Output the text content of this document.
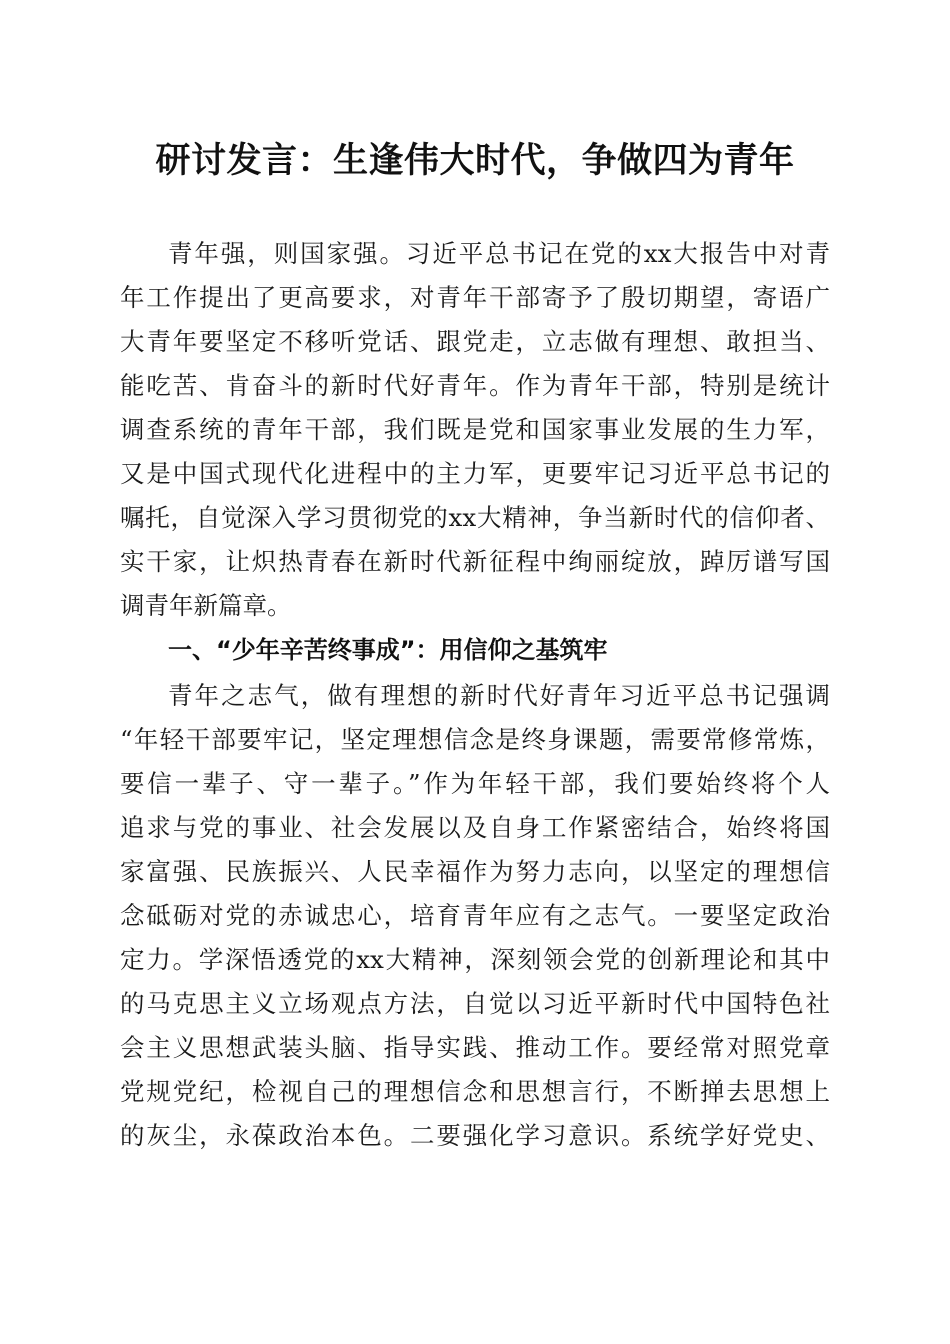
研讨发言：生逢伟大时代，争做四为青年
青年强，则国家强。习近平总书记在党的xx大报告中对青
年工作提出了更高要求，对青年干部寄予了殷切期望，寄语广
大青年要坚定不移听党话、跟党走，立志做有理想、敢担当、
能吃苦、肯奋斗的新时代好青年。作为青年干部，特别是统计
调查系统的青年干部，我们既是党和国家事业发展的生力军，
又是中国式现代化进程中的主力军，更要牢记习近平总书记的
嘱托，自觉深入学习贯彻党的xx大精神，争当新时代的信仰者、
实干家，让炽热青春在新时代新征程中绚丽绽放，踔厉谱写国
调青年新篇章。
一、“少年辛苦终事成”：用信仰之基筑牢
青年之志气，做有理想的新时代好青年习近平总书记强调
“年轻干部要牢记，坚定理想信念是终身课题，需要常修常炼，
要信一辈子、守一辈子。”作为年轻干部，我们要始终将个人
追求与党的事业、社会发展以及自身工作紧密结合，始终将国
家富强、民族振兴、人民幸福作为努力志向，以坚定的理想信
念砥砺对党的赤诚忠心，培育青年应有之志气。一要坚定政治
定力。学深悟透党的xx大精神，深刻领会党的创新理论和其中
的马克思主义立场观点方法，自觉以习近平新时代中国特色社
会主义思想武装头脑、指导实践、推动工作。要经常对照党章
党规党纪，检视自己的理想信念和思想言行，不断掸去思想上
的灰尘，永葆政治本色。二要强化学习意识。系统学好党史、
